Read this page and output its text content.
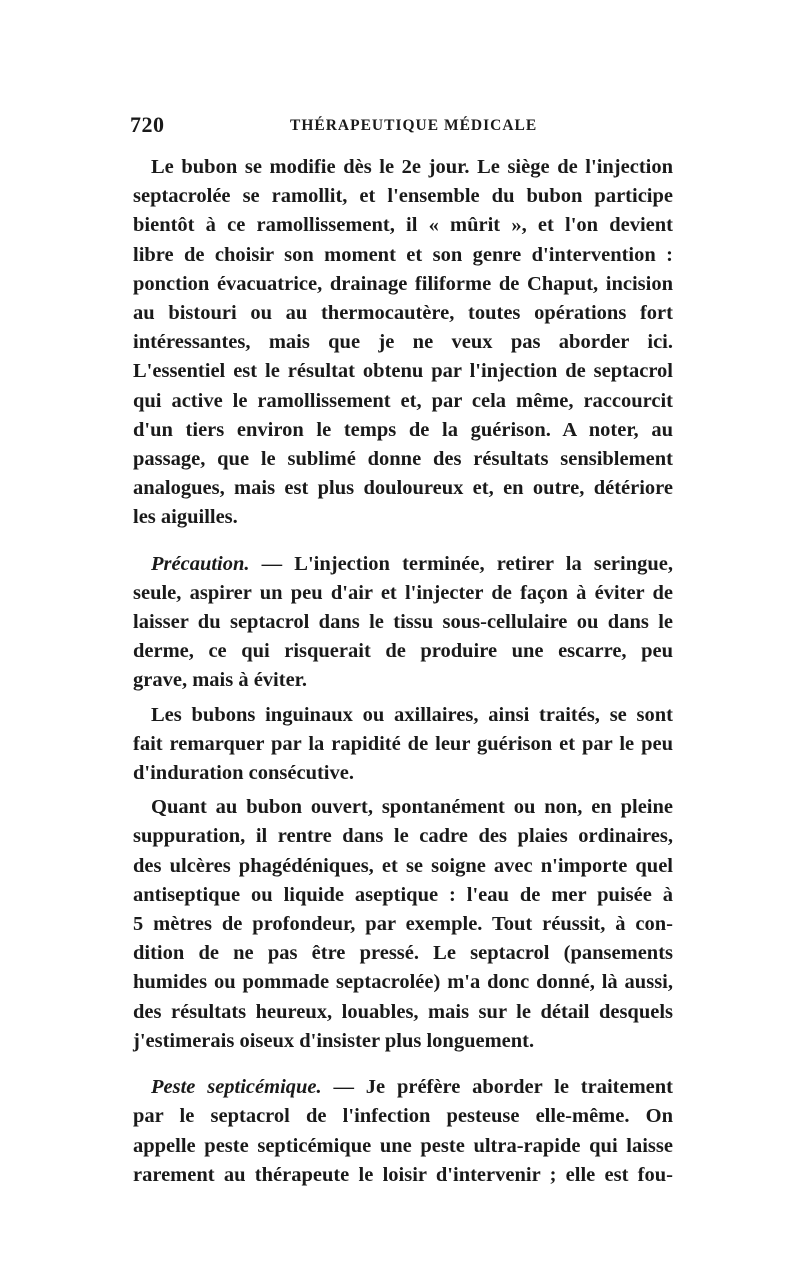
720	THÉRAPEUTIQUE MÉDICALE
Le bubon se modifie dès le 2e jour. Le siège de l'injection
septacrolée se ramollit, et l'ensemble du bubon participe
bientôt à ce ramollissement, il « mûrit », et l'on devient
libre de choisir son moment et son genre d'intervention :
ponction évacuatrice, drainage filiforme de Chaput, incision
au bistouri ou au thermocautère, toutes opérations fort
intéressantes, mais que je ne veux pas aborder ici.
L'essentiel est le résultat obtenu par l'injection de septacrol
qui active le ramollissement et, par cela même, raccourcit
d'un tiers environ le temps de la guérison. A noter, au
passage, que le sublimé donne des résultats sensiblement
analogues, mais est plus douloureux et, en outre, détériore
les aiguilles.
Précaution. — L'injection terminée, retirer la seringue,
seule, aspirer un peu d'air et l'injecter de façon à éviter de
laisser du septacrol dans le tissu sous-cellulaire ou dans le
derme, ce qui risquerait de produire une escarre, peu
grave, mais à éviter.
Les bubons inguinaux ou axillaires, ainsi traités, se sont
fait remarquer par la rapidité de leur guérison et par le peu
d'induration consécutive.
Quant au bubon ouvert, spontanément ou non, en pleine
suppuration, il rentre dans le cadre des plaies ordinaires,
des ulcères phagédéniques, et se soigne avec n'importe quel
antiseptique ou liquide aseptique : l'eau de mer puisée à
5 mètres de profondeur, par exemple. Tout réussit, à con-
dition de ne pas être pressé. Le septacrol (pansements
humides ou pommade septacrolée) m'a donc donné, là aussi,
des résultats heureux, louables, mais sur le détail desquels
j'estimerais oiseux d'insister plus longuement.
Peste septicémique. — Je préfère aborder le traitement
par le septacrol de l'infection pesteuse elle-même. On
appelle peste septicémique une peste ultra-rapide qui laisse
rarement au thérapeute le loisir d'intervenir ; elle est fou-
